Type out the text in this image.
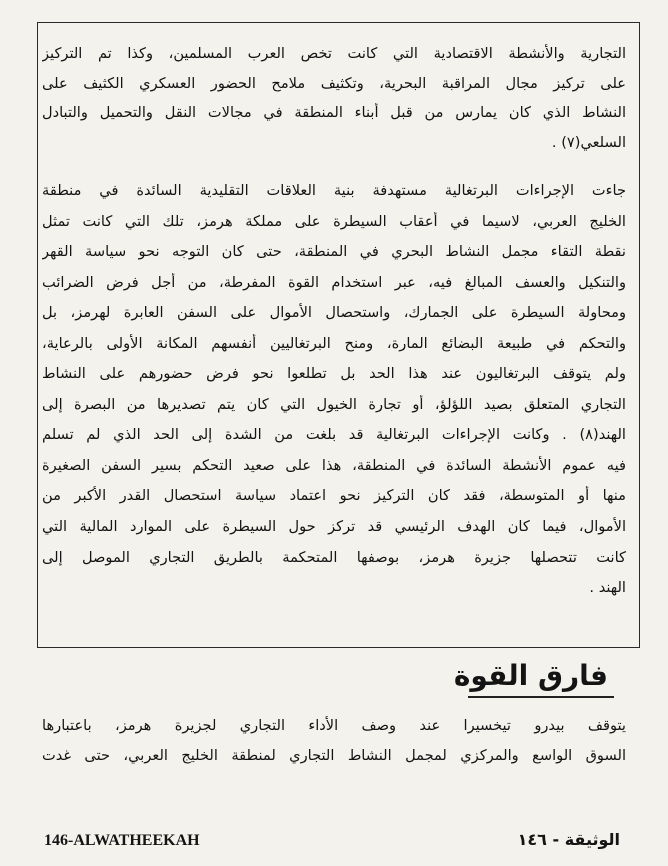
التجارية والأنشطة الاقتصادية التي كانت تخص العرب المسلمين، وكذا تم التركيز
على تركيز مجال المراقبة البحرية، وتكثيف ملامح الحضور العسكري الكثيف على
النشاط الذي كان يمارس من قبل أبناء المنطقة في مجالات النقل والتحميل والتبادل
السلعي(٧) .
جاءت الإجراءات البرتغالية مستهدفة بنية العلاقات التقليدية السائدة في منطقة
الخليج العربي، لاسيما في أعقاب السيطرة على مملكة هرمز، تلك التي كانت تمثل
نقطة التقاء مجمل النشاط البحري في المنطقة، حتى كان التوجه نحو سياسة القهر
والتنكيل والعسف المبالغ فيه، عبر استخدام القوة المفرطة، من أجل فرض الضرائب
ومحاولة السيطرة على الجمارك، واستحصال الأموال على السفن العابرة لهرمز، بل
والتحكم في طبيعة البضائع المارة، ومنح البرتغاليين أنفسهم المكانة الأولى بالرعاية،
ولم يتوقف البرتغاليون عند هذا الحد بل تطلعوا نحو فرض حضورهم على النشاط
التجاري المتعلق بصيد اللؤلؤ، أو تجارة الخيول التي كان يتم تصديرها من البصرة إلى
الهند(٨) . وكانت الإجراءات البرتغالية قد بلغت من الشدة إلى الحد الذي لم تسلم
فيه عموم الأنشطة السائدة في المنطقة، هذا على صعيد التحكم بسير السفن الصغيرة
منها أو المتوسطة، فقد كان التركيز نحو اعتماد سياسة استحصال القدر الأكبر من
الأموال، فيما كان الهدف الرئيسي قد تركز حول السيطرة على الموارد المالية التي
كانت تتحصلها جزيرة هرمز، بوصفها المتحكمة بالطريق التجاري الموصل إلى
الهند .
فارق القوة
يتوقف بيدرو تيخسيرا عند وصف الأداء التجاري لجزيرة هرمز، باعتبارها
السوق الواسع والمركزي لمجمل النشاط التجاري لمنطقة الخليج العربي، حتى غدت
146-ALWATHEEKAH	الوثيقة - ١٤٦
